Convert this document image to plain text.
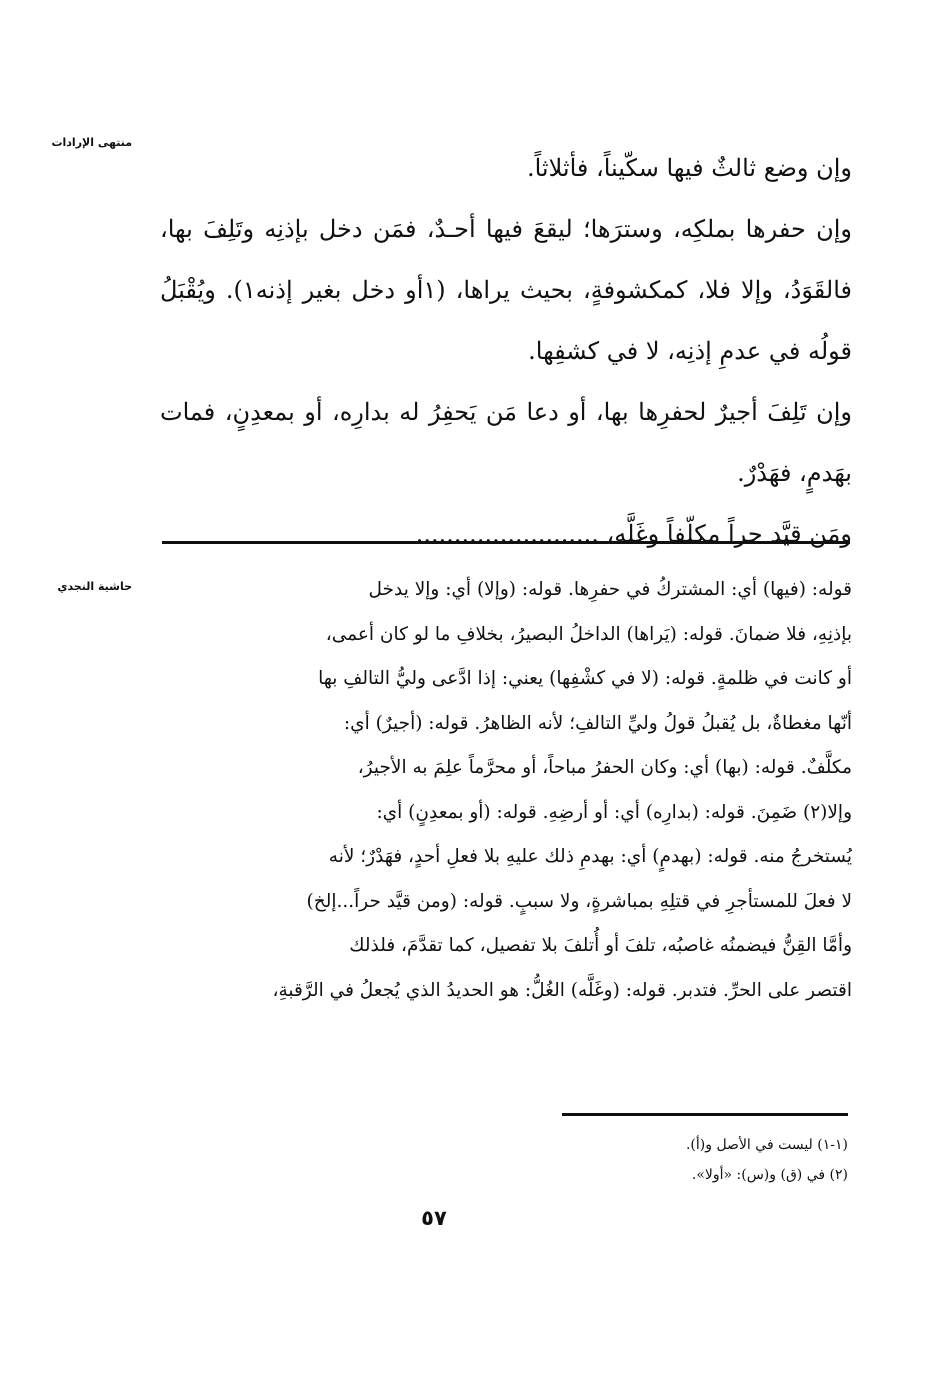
منتهى الإرادات

وإن وضع ثالثٌ فيها سكّيناً، فأثلاثاً.

وإن حفرها بملكِه، وسترَها؛ ليقعَ فيها أحـدٌ، فمَن دخل بإذنِه وتَلِفَ بها، فالقَوَدُ، وإلا فلا، كمكشوفةٍ، بحيث يراها، (١أو دخل بغير إذنه١). ويُقْبَلُ قولُه في عدمِ إذنِه، لا في كشفِها.

وإن تَلِفَ أجيرٌ لحفرِها بها، أو دعا مَن يَحفِرُ له بدارِه، أو بمعدِنٍ، فمات بهَدمٍ، فهَدْرٌ.

ومَن قيَّد حراً مكلّفاً وغَلَّه، ........................

حاشية النجدي	قوله: (فيها) أي: المشتركُ في حفرِها. قوله: (وإلا) أي: وإلا يدخل
بإذنِهِ، فلا ضمانَ. قوله: (يَراها) الداخلُ البصيرُ، بخلافِ ما لو كان أعمى،
أو كانت في ظلمةٍ. قوله: (لا في كشْفِها) يعني: إذا ادَّعى وليُّ التالفِ بها
أنّها مغطاةٌ، بل يُقبلُ قولُ وليِّ التالفِ؛ لأنه الظاهرُ. قوله: (أجيرٌ) أي:
مكلَّفٌ. قوله: (بها) أي: وكان الحفرُ مباحاً، أو محرَّماً علِمَ به الأجيرُ،
وإلا(٢) ضَمِنَ. قوله: (بدارِه) أي: أو أرضِهِ. قوله: (أو بمعدِنٍ) أي:
يُستخرجُ منه. قوله: (بهدمٍ) أي: بهدمِ ذلك عليهِ بلا فعلِ أحدٍ، فهَدْرٌ؛ لأنه
لا فعلَ للمستأجرِ في قتلِهِ بمباشرةٍ، ولا سببٍ. قوله: (ومن قيَّد حراً...إلخ)
وأمَّا القِنُّ فيضمنُه غاصبُه، تلفَ أو أُتلفَ بلا تفصيل، كما تقدَّمَ، فلذلك
اقتصر على الحرِّ. فتدبر. قوله: (وغَلَّه) الغُلُّ: هو الحديدُ الذي يُجعلُ في الرَّقبةِ،
(١-١) ليست في الأصل و(أ).
(٢) في (ق) و(س): «أولا».
٥٧
